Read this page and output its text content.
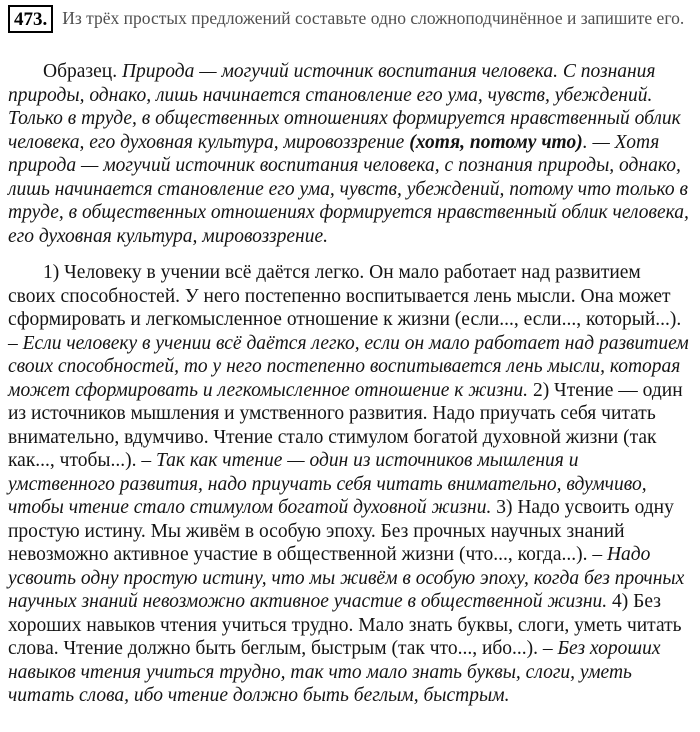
473. Из трёх простых предложений составьте одно сложноподчинённое и запишите его.

Образец. Природа — могучий источник воспитания человека. С познания природы, однако, лишь начинается становление его ума, чувств, убеждений. Только в труде, в общественных отношениях формируется нравственный облик человека, его духовная культура, мировоззрение (хотя, потому что). — Хотя природа — могучий источник воспитания человека, с познания природы, однако, лишь начинается становление его ума, чувств, убеждений, потому что только в труде, в общественных отношениях формируется нравственный облик человека, его духовная культура, мировоззрение.

1) Человеку в учении всё даётся легко. Он мало работает над развитием своих способностей. У него постепенно воспитывается лень мысли. Она может сформировать и легкомысленное отношение к жизни (если..., если..., который...). – Если человеку в учении всё даётся легко, если он мало работает над развитием своих способностей, то у него постепенно воспитывается лень мысли, которая может сформировать и легкомысленное отношение к жизни. 2) Чтение — один из источников мышления и умственного развития. Надо приучать себя читать внимательно, вдумчиво. Чтение стало стимулом богатой духовной жизни (так как..., чтобы...). – Так как чтение — один из источников мышления и умственного развития, надо приучать себя читать внимательно, вдумчиво, чтобы чтение стало стимулом богатой духовной жизни. 3) Надо усвоить одну простую истину. Мы живём в особую эпоху. Без прочных научных знаний невозможно активное участие в общественной жизни (что..., когда...). – Надо усвоить одну простую истину, что мы живём в особую эпоху, когда без прочных научных знаний невозможно активное участие в общественной жизни. 4) Без хороших навыков чтения учиться трудно. Мало знать буквы, слоги, уметь читать слова. Чтение должно быть беглым, быстрым (так что..., ибо...). – Без хороших навыков чтения учиться трудно, так что мало знать буквы, слоги, уметь читать слова, ибо чтение должно быть беглым, быстрым.
